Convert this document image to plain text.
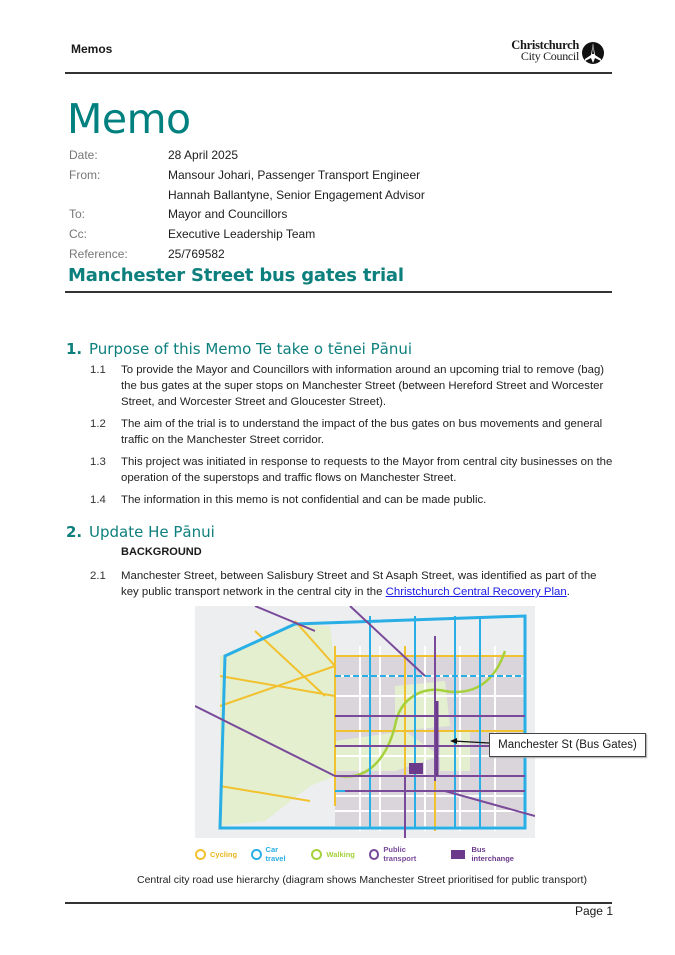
Memos	Christchurch
City Council
Memo
Date:	28 April 2025
From:	Mansour Johari, Passenger Transport Engineer
Hannah Ballantyne, Senior Engagement Advisor
To:	Mayor and Councillors
Cc:	Executive Leadership Team
Reference:	25/769582
Manchester Street bus gates trial
1. Purpose of this Memo Te take o tēnei Pānui
1.1	To provide the Mayor and Councillors with information around an upcoming trial to remove (bag) the bus gates at the super stops on Manchester Street (between Hereford Street and Worcester Street, and Worcester Street and Gloucester Street).
1.2	The aim of the trial is to understand the impact of the bus gates on bus movements and general traffic on the Manchester Street corridor.
1.3	This project was initiated in response to requests to the Mayor from central city businesses on the operation of the superstops and traffic flows on Manchester Street.
1.4	The information in this memo is not confidential and can be made public.
2. Update He Pānui
BACKGROUND
2.1	Manchester Street, between Salisbury Street and St Asaph Street, was identified as part of the key public transport network in the central city in the Christchurch Central Recovery Plan.
Manchester St (Bus Gates)
Cycling	Car travel	Walking	Public transport
Bus interchange
Central city road use hierarchy (diagram shows Manchester Street prioritised for public transport)
Page 1
